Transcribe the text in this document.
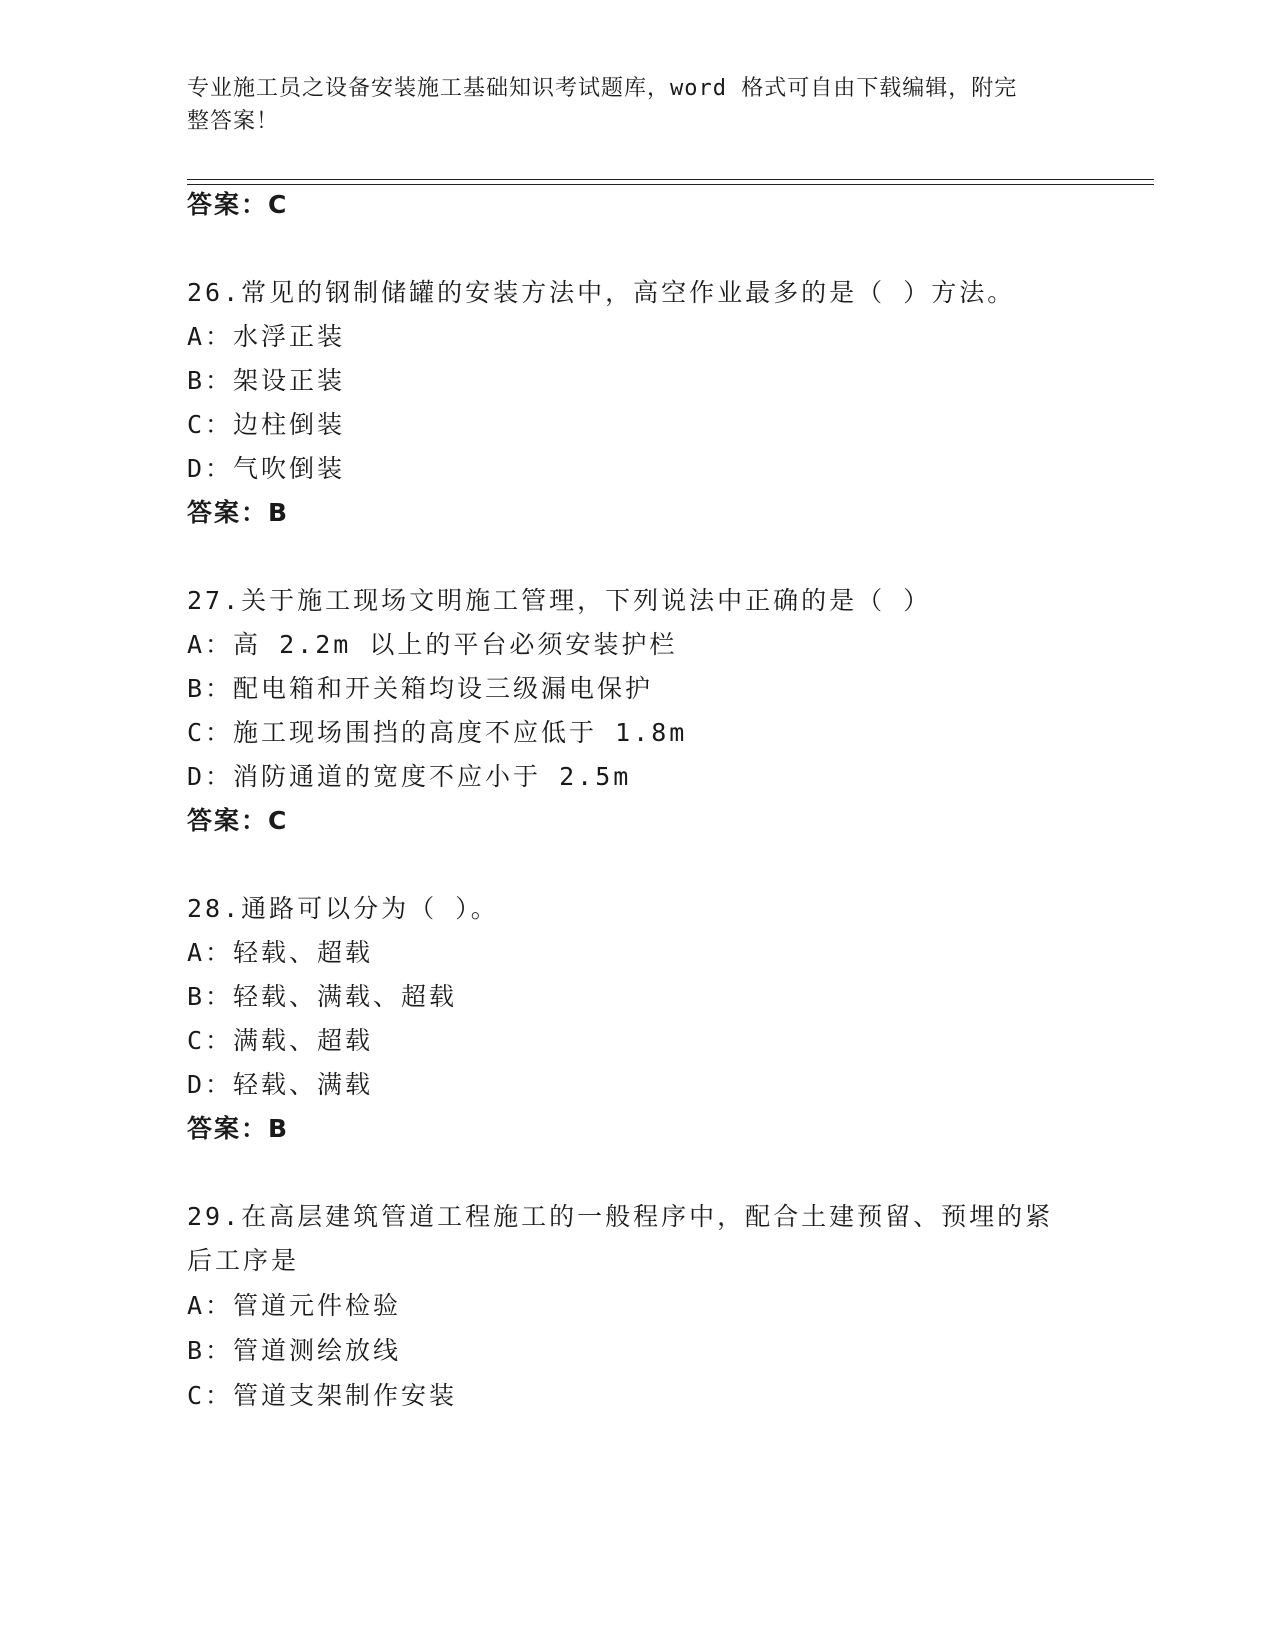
专业施工员之设备安装施工基础知识考试题库，word 格式可自由下载编辑，附完
整答案！
答案：C
26.常见的钢制储罐的安装方法中，高空作业最多的是（ ）方法。
A：水浮正装
B：架设正装
C：边柱倒装
D：气吹倒装
答案：B
27.关于施工现场文明施工管理，下列说法中正确的是（ ）
A：高 2.2m 以上的平台必须安装护栏
B：配电箱和开关箱均设三级漏电保护
C：施工现场围挡的高度不应低于 1.8m
D：消防通道的宽度不应小于 2.5m
答案：C
28.通路可以分为（ ）。
A：轻载、超载
B：轻载、满载、超载
C：满载、超载
D：轻载、满载
答案：B
29.在高层建筑管道工程施工的一般程序中，配合土建预留、预埋的紧
后工序是
A：管道元件检验
B：管道测绘放线
C：管道支架制作安装
